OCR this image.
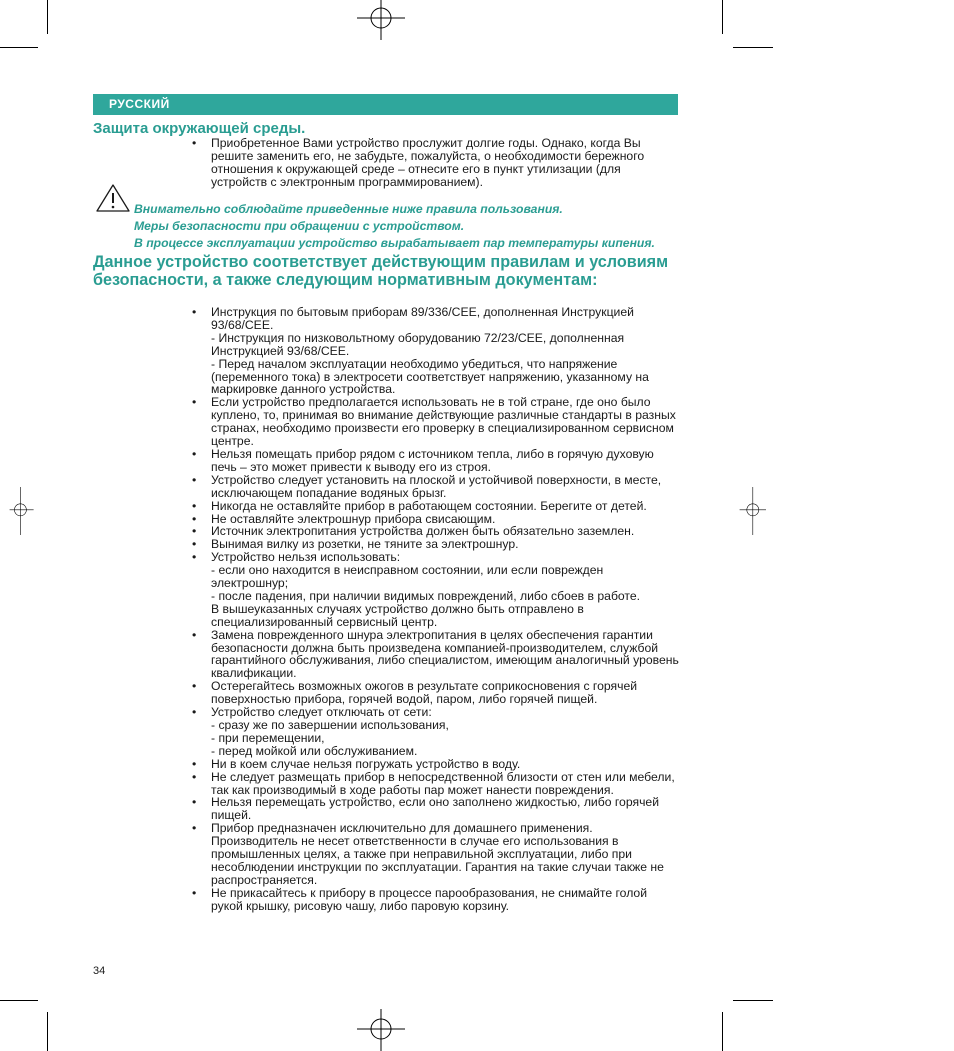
РУССКИЙ
Защита окружающей среды.
• Приобретенное Вами устройство прослужит долгие годы. Однако, когда Вы решите заменить его, не забудьте, пожалуйста, о необходимости бережного отношения к окружающей среде – отнесите его в пункт утилизации (для устройств с электронным программированием).

Внимательно соблюдайте приведенные ниже правила пользования.

Меры безопасности при обращении с устройством.

В процессе эксплуатации устройство вырабатывает пар температуры кипения.

Данное устройство соответствует действующим правилам и условиям безопасности, а также следующим нормативным документам:
• Инструкция по бытовым приборам 89/336/CEE, дополненная Инструкцией 93/68/CEE.
- Инструкция по низковольтному оборудованию 72/23/CEE, дополненная Инструкцией 93/68/CEE.
- Перед началом эксплуатации необходимо убедиться, что напряжение (переменного тока) в электросети соответствует напряжению, указанному на маркировке данного устройства.
• Если устройство предполагается использовать не в той стране, где оно было куплено, то, принимая во внимание действующие различные стандарты в разных странах, необходимо произвести его проверку в специализированном сервисном центре.
• Нельзя помещать прибор рядом с источником тепла, либо в горячую духовую печь – это может привести к выводу его из строя.
• Устройство следует установить на плоской и устойчивой поверхности, в месте, исключающем попадание водяных брызг.
• Никогда не оставляйте прибор в работающем состоянии. Берегите от детей.
• Не оставляйте электрошнур прибора свисающим.
• Источник электропитания устройства должен быть обязательно заземлен.
• Вынимая вилку из розетки, не тяните за электрошнур.
• Устройство нельзя использовать:
- если оно находится в неисправном состоянии, или если поврежден электрошнур;
- после падения, при наличии видимых повреждений, либо сбоев в работе.
В вышеуказанных случаях устройство должно быть отправлено в специализированный сервисный центр.
• Замена поврежденного шнура электропитания в целях обеспечения гарантии безопасности должна быть произведена компанией-производителем, службой гарантийного обслуживания, либо специалистом, имеющим аналогичный уровень квалификации.
• Остерегайтесь возможных ожогов в результате соприкосновения с горячей поверхностью прибора, горячей водой, паром, либо горячей пищей.
• Устройство следует отключать от сети:
- сразу же по завершении использования,
- при перемещении,
- перед мойкой или обслуживанием.
• Ни в коем случае нельзя погружать устройство в воду.
• Не следует размещать прибор в непосредственной близости от стен или мебели, так как производимый в ходе работы пар может нанести повреждения.
• Нельзя перемещать устройство, если оно заполнено жидкостью, либо горячей пищей.
• Прибор предназначен исключительно для домашнего применения. Производитель не несет ответственности в случае его использования в промышленных целях, а также при неправильной эксплуатации, либо при несоблюдении инструкции по эксплуатации. Гарантия на такие случаи также не распространяется.
• Не прикасайтесь к прибору в процессе парообразования, не снимайте голой рукой крышку, рисовую чашу, либо паровую корзину.
34
